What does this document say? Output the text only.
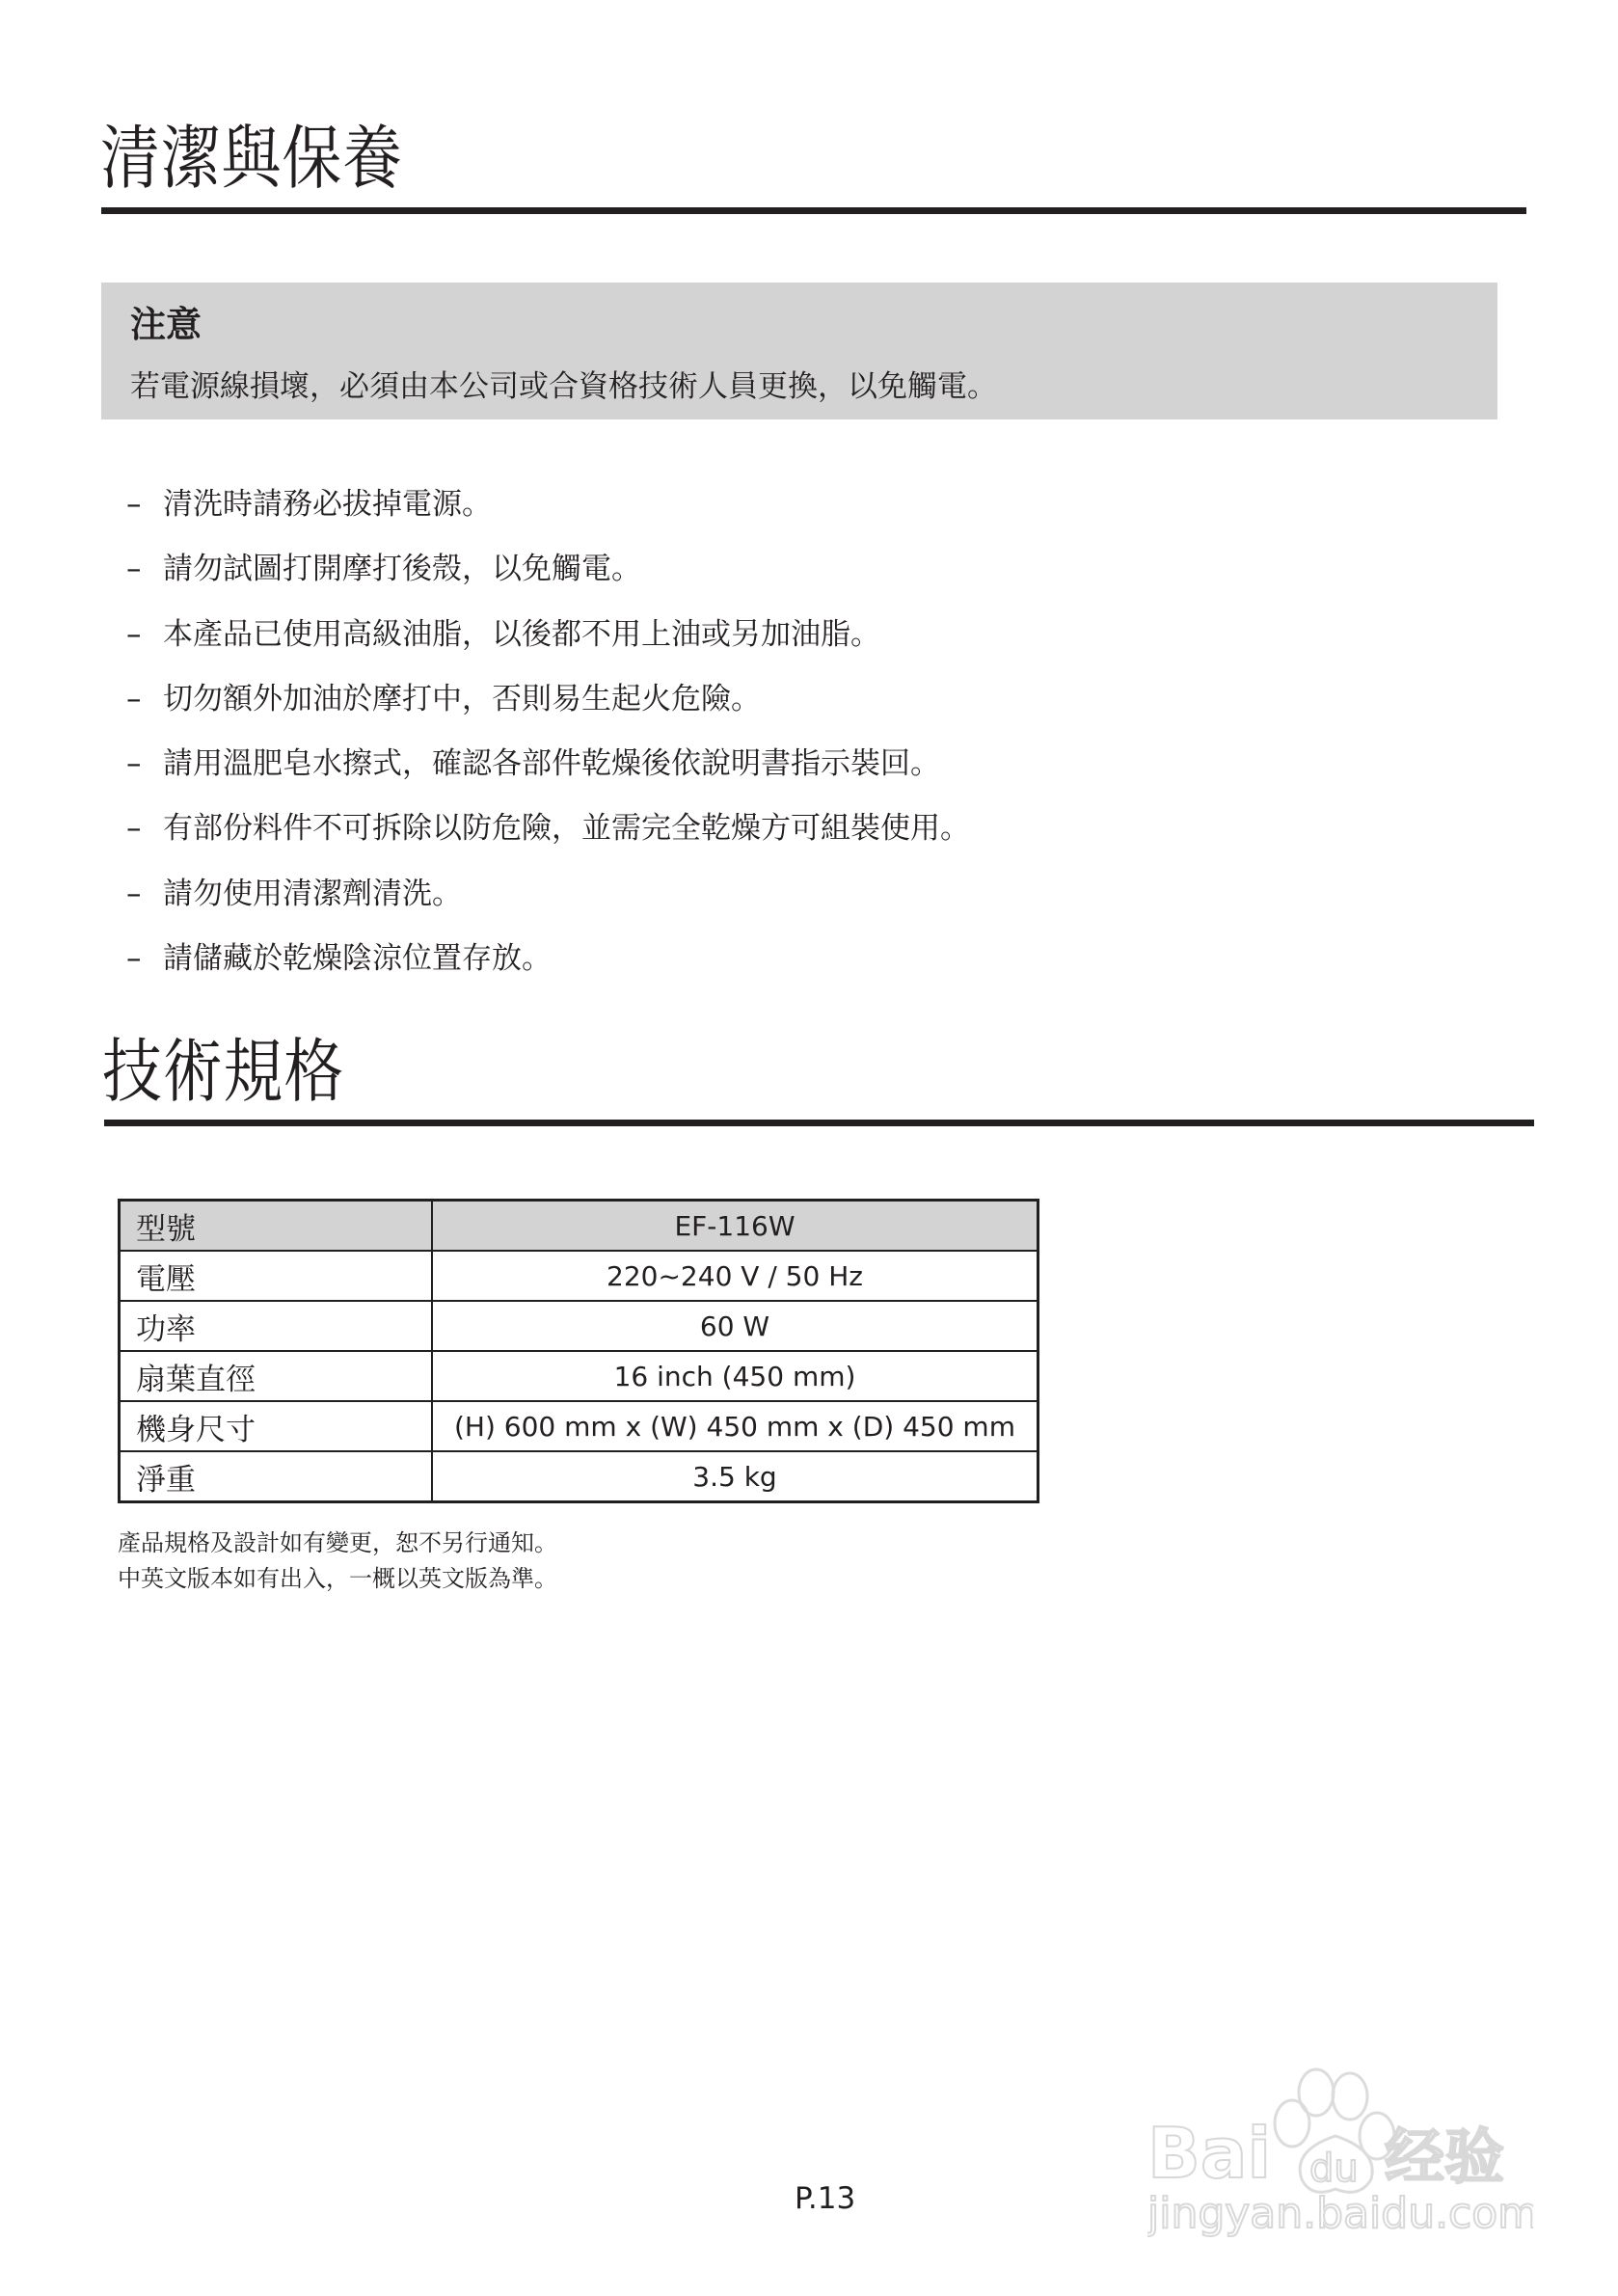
清潔與保養
注意
若電源線損壞，必須由本公司或合資格技術人員更換，以免觸電。
– 清洗時請務必拔掉電源。
– 請勿試圖打開摩打後殼，以免觸電。
– 本產品已使用高級油脂，以後都不用上油或另加油脂。
– 切勿額外加油於摩打中，否則易生起火危險。
– 請用溫肥皂水擦式，確認各部件乾燥後依說明書指示裝回。
– 有部份料件不可拆除以防危險，並需完全乾燥方可組裝使用。
– 請勿使用清潔劑清洗。
– 請儲藏於乾燥陰涼位置存放。
技術規格
型號	EF-116W
電壓	220~240 V / 50 Hz
功率	60 W
扇葉直徑	16 inch (450 mm)
機身尺寸	(H) 600 mm x (W) 450 mm x (D) 450 mm
淨重	3.5 kg
產品規格及設計如有變更，恕不另行通知。
中英文版本如有出入，一概以英文版為準。
P.13
Bai du 经验
jingyan.baidu.com
